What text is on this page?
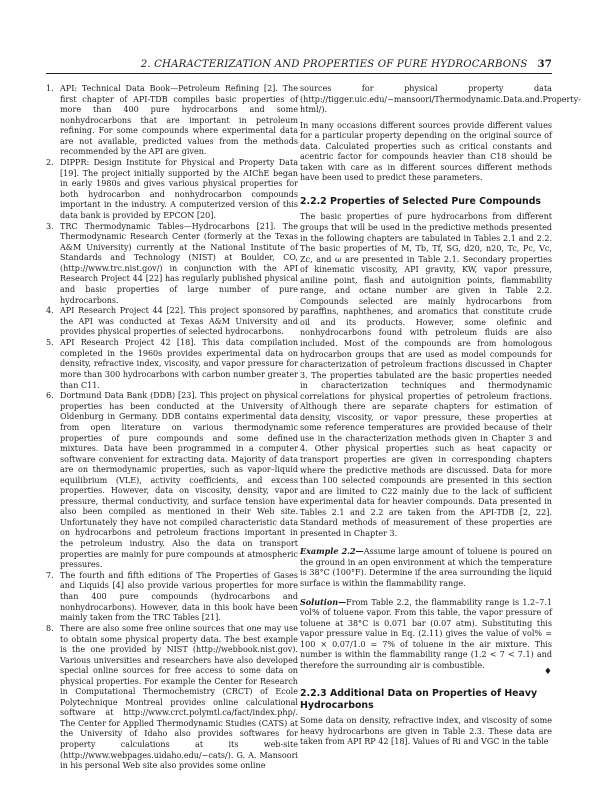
2. CHARACTERIZATION AND PROPERTIES OF PURE HYDROCARBONS 37
1. API: Technical Data Book—Petroleum Refining [2]. The first chapter of API-TDB compiles basic properties of more than 400 pure hydrocarbons and some nonhydrocarbons that are important in petroleum refining. For some compounds where experimental data are not available, predicted values from the methods recommended by the API are given.
2. DIPPR: Design Institute for Physical and Property Data [19]. The project initially supported by the AIChE began in early 1980s and gives various physical properties for both hydrocarbon and nonhydrocarbon compounds important in the industry. A computerized version of this data bank is provided by EPCON [20].
3. TRC Thermodynamic Tables—Hydrocarbons [21]. The Thermodynamic Research Center (formerly at the Texas A&M University) currently at the National Institute of Standards and Technology (NIST) at Boulder, CO, (http://www.trc.nist.gov/) in conjunction with the API Research Project 44 [22] has regularly published physical and basic properties of large number of pure hydrocarbons.
4. API Research Project 44 [22]. This project sponsored by the API was conducted at Texas A&M University and provides physical properties of selected hydrocarbons.
5. API Research Project 42 [18]. This data compilation completed in the 1960s provides experimental data on density, refractive index, viscosity, and vapor pressure for more than 300 hydrocarbons with carbon number greater than C11.
6. Dortmund Data Bank (DDB) [23]. This project on physical properties has been conducted at the University of Oldenburg in Germany. DDB contains experimental data from open literature on various thermodynamic properties of pure compounds and some defined mixtures. Data have been programmed in a computer software convenient for extracting data. Majority of data are on thermodynamic properties, such as vapor–liquid equilibrium (VLE), activity coefficients, and excess properties. However, data on viscosity, density, vapor pressure, thermal conductivity, and surface tension have also been compiled as mentioned in their Web site. Unfortunately they have not compiled characteristic data on hydrocarbons and petroleum fractions important in the petroleum industry. Also the data on transport properties are mainly for pure compounds at atmospheric pressures.
7. The fourth and fifth editions of The Properties of Gases and Liquids [4] also provide various properties for more than 400 pure compounds (hydrocarbons and nonhydrocarbons). However, data in this book have been mainly taken from the TRC Tables [21].
8. There are also some free online sources that one may use to obtain some physical property data. The best example is the one provided by NIST (http://webbook.nist.gov). Various universities and researchers have also developed special online sources for free access to some data on physical properties. For example the Center for Research in Computational Thermochemistry (CRCT) of Ecole Polytechnique Montreal provides online calculational software at http://www.crct.polymtl.ca/fact/index.php/. The Center for Applied Thermodynamic Studies (CATS) at the University of Idaho also provides softwares for property calculations at its web-site (http://www.webpages.uidaho.edu/~cats/). G. A. Mansoori in his personal Web site also provides some online

sources for physical property data (http://tigger.uic.edu/~mansoori/Thermodynamic.Data.and.Property-html/).

In many occasions different sources provide different values for a particular property depending on the original source of data. Calculated properties such as critical constants and acentric factor for compounds heavier than C18 should be taken with care as in different sources different methods have been used to predict these parameters.

2.2.2 Properties of Selected Pure Compounds

The basic properties of pure hydrocarbons from different groups that will be used in the predictive methods presented in the following chapters are tabulated in Tables 2.1 and 2.2. The basic properties of M, Tb, Tf, SG, d20, n20, Tc, Pc, Vc, Zc, and ω are presented in Table 2.1. Secondary properties of kinematic viscosity, API gravity, KW, vapor pressure, aniline point, flash and autoignition points, flammability range, and octane number are given in Table 2.2. Compounds selected are mainly hydrocarbons from paraffins, naphthenes, and aromatics that constitute crude oil and its products. However, some olefinic and nonhydrocarbons found with petroleum fluids are also included. Most of the compounds are from homologous hydrocarbon groups that are used as model compounds for characterization of petroleum fractions discussed in Chapter 3. The properties tabulated are the basic properties needed in characterization techniques and thermodynamic correlations for physical properties of petroleum fractions. Although there are separate chapters for estimation of density, viscosity, or vapor pressure, these properties at some reference temperatures are provided because of their use in the characterization methods given in Chapter 3 and 4. Other physical properties such as heat capacity or transport properties are given in corresponding chapters where the predictive methods are discussed. Data for more than 100 selected compounds are presented in this section and are limited to C22 mainly due to the lack of sufficient experimental data for heavier compounds. Data presented in Tables 2.1 and 2.2 are taken from the API-TDB [2, 22]. Standard methods of measurement of these properties are presented in Chapter 3.

Example 2.2—Assume large amount of toluene is poured on the ground in an open environment at which the temperature is 38°C (100°F). Determine if the area surrounding the liquid surface is within the flammability range.

Solution—From Table 2.2, the flammability range is 1.2–7.1 vol% of toluene vapor. From this table, the vapor pressure of toluene at 38°C is 0.071 bar (0.07 atm). Substituting this vapor pressure value in Eq. (2.11) gives the value of vol% = 100 × 0.07/1.0 = 7% of toluene in the air mixture. This number is within the flammability range (1.2 < 7 < 7.1) and therefore the surrounding air is combustible.

♦
2.2.3 Additional Data on Properties of Heavy Hydrocarbons

Some data on density, refractive index, and viscosity of some heavy hydrocarbons are given in Table 2.3. These data are taken from API RP 42 [18]. Values of Ri and VGC in the table
